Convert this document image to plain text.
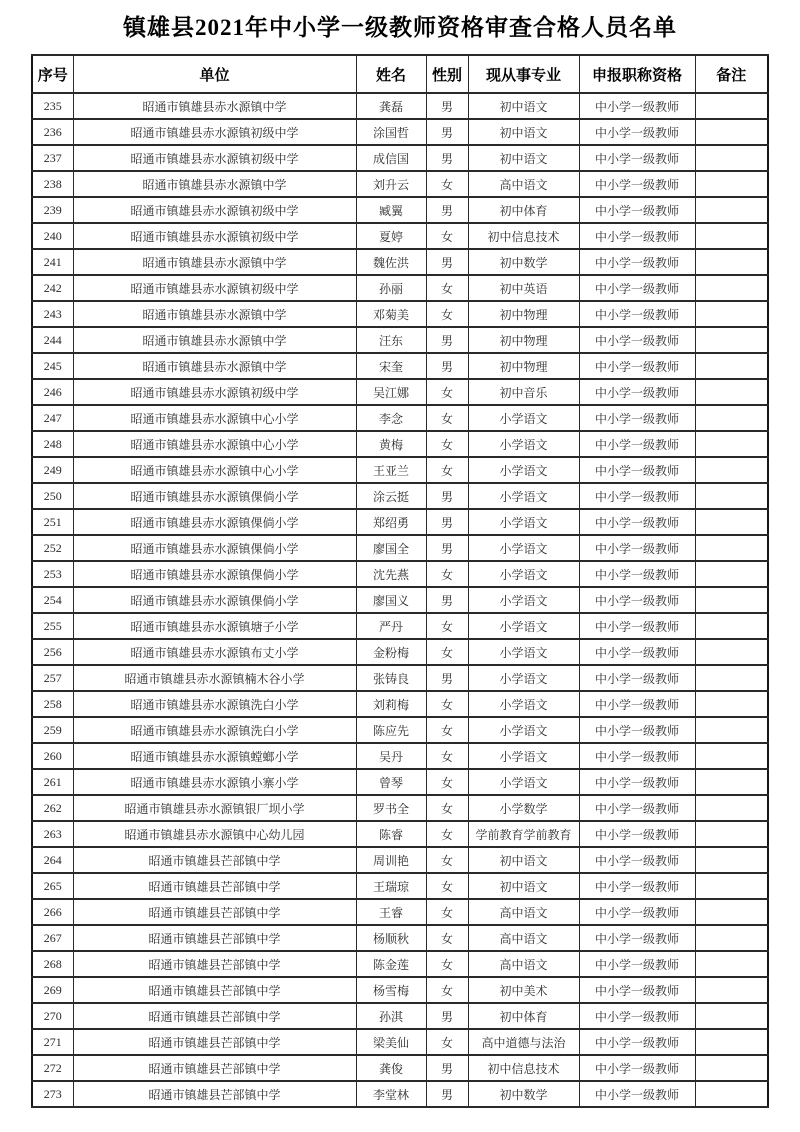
镇雄县2021年中小学一级教师资格审查合格人员名单
序号	单位	姓名	性别	现从事专业	申报职称资格	备注
235	昭通市镇雄县赤水源镇中学	龚磊	男	初中语文	中小学一级教师	
236	昭通市镇雄县赤水源镇初级中学	涂国哲	男	初中语文	中小学一级教师	
237	昭通市镇雄县赤水源镇初级中学	成信国	男	初中语文	中小学一级教师	
238	昭通市镇雄县赤水源镇中学	刘升云	女	高中语文	中小学一级教师	
239	昭通市镇雄县赤水源镇初级中学	臧翼	男	初中体育	中小学一级教师	
240	昭通市镇雄县赤水源镇初级中学	夏婷	女	初中信息技术	中小学一级教师	
241	昭通市镇雄县赤水源镇中学	魏佐洪	男	初中数学	中小学一级教师	
242	昭通市镇雄县赤水源镇初级中学	孙丽	女	初中英语	中小学一级教师	
243	昭通市镇雄县赤水源镇中学	邓菊美	女	初中物理	中小学一级教师	
244	昭通市镇雄县赤水源镇中学	汪东	男	初中物理	中小学一级教师	
245	昭通市镇雄县赤水源镇中学	宋奎	男	初中物理	中小学一级教师	
246	昭通市镇雄县赤水源镇初级中学	吴江娜	女	初中音乐	中小学一级教师	
247	昭通市镇雄县赤水源镇中心小学	李念	女	小学语文	中小学一级教师	
248	昭通市镇雄县赤水源镇中心小学	黄梅	女	小学语文	中小学一级教师	
249	昭通市镇雄县赤水源镇中心小学	王亚兰	女	小学语文	中小学一级教师	
250	昭通市镇雄县赤水源镇倮倘小学	涂云挺	男	小学语文	中小学一级教师	
251	昭通市镇雄县赤水源镇倮倘小学	郑绍勇	男	小学语文	中小学一级教师	
252	昭通市镇雄县赤水源镇倮倘小学	廖国全	男	小学语文	中小学一级教师	
253	昭通市镇雄县赤水源镇倮倘小学	沈先燕	女	小学语文	中小学一级教师	
254	昭通市镇雄县赤水源镇倮倘小学	廖国义	男	小学语文	中小学一级教师	
255	昭通市镇雄县赤水源镇塘子小学	严丹	女	小学语文	中小学一级教师	
256	昭通市镇雄县赤水源镇布丈小学	金粉梅	女	小学语文	中小学一级教师	
257	昭通市镇雄县赤水源镇楠木谷小学	张铸良	男	小学语文	中小学一级教师	
258	昭通市镇雄县赤水源镇洗白小学	刘莉梅	女	小学语文	中小学一级教师	
259	昭通市镇雄县赤水源镇洗白小学	陈应先	女	小学语文	中小学一级教师	
260	昭通市镇雄县赤水源镇螳螂小学	吴丹	女	小学语文	中小学一级教师	
261	昭通市镇雄县赤水源镇小寨小学	曾琴	女	小学语文	中小学一级教师	
262	昭通市镇雄县赤水源镇银厂坝小学	罗书全	女	小学数学	中小学一级教师	
263	昭通市镇雄县赤水源镇中心幼儿园	陈睿	女	学前教育学前教育	中小学一级教师	
264	昭通市镇雄县芒部镇中学	周训艳	女	初中语文	中小学一级教师	
265	昭通市镇雄县芒部镇中学	王瑞琼	女	初中语文	中小学一级教师	
266	昭通市镇雄县芒部镇中学	王睿	女	高中语文	中小学一级教师	
267	昭通市镇雄县芒部镇中学	杨顺秋	女	高中语文	中小学一级教师	
268	昭通市镇雄县芒部镇中学	陈金莲	女	高中语文	中小学一级教师	
269	昭通市镇雄县芒部镇中学	杨雪梅	女	初中美术	中小学一级教师	
270	昭通市镇雄县芒部镇中学	孙淇	男	初中体育	中小学一级教师	
271	昭通市镇雄县芒部镇中学	梁美仙	女	高中道德与法治	中小学一级教师	
272	昭通市镇雄县芒部镇中学	龚俊	男	初中信息技术	中小学一级教师	
273	昭通市镇雄县芒部镇中学	李堂林	男	初中数学	中小学一级教师	
